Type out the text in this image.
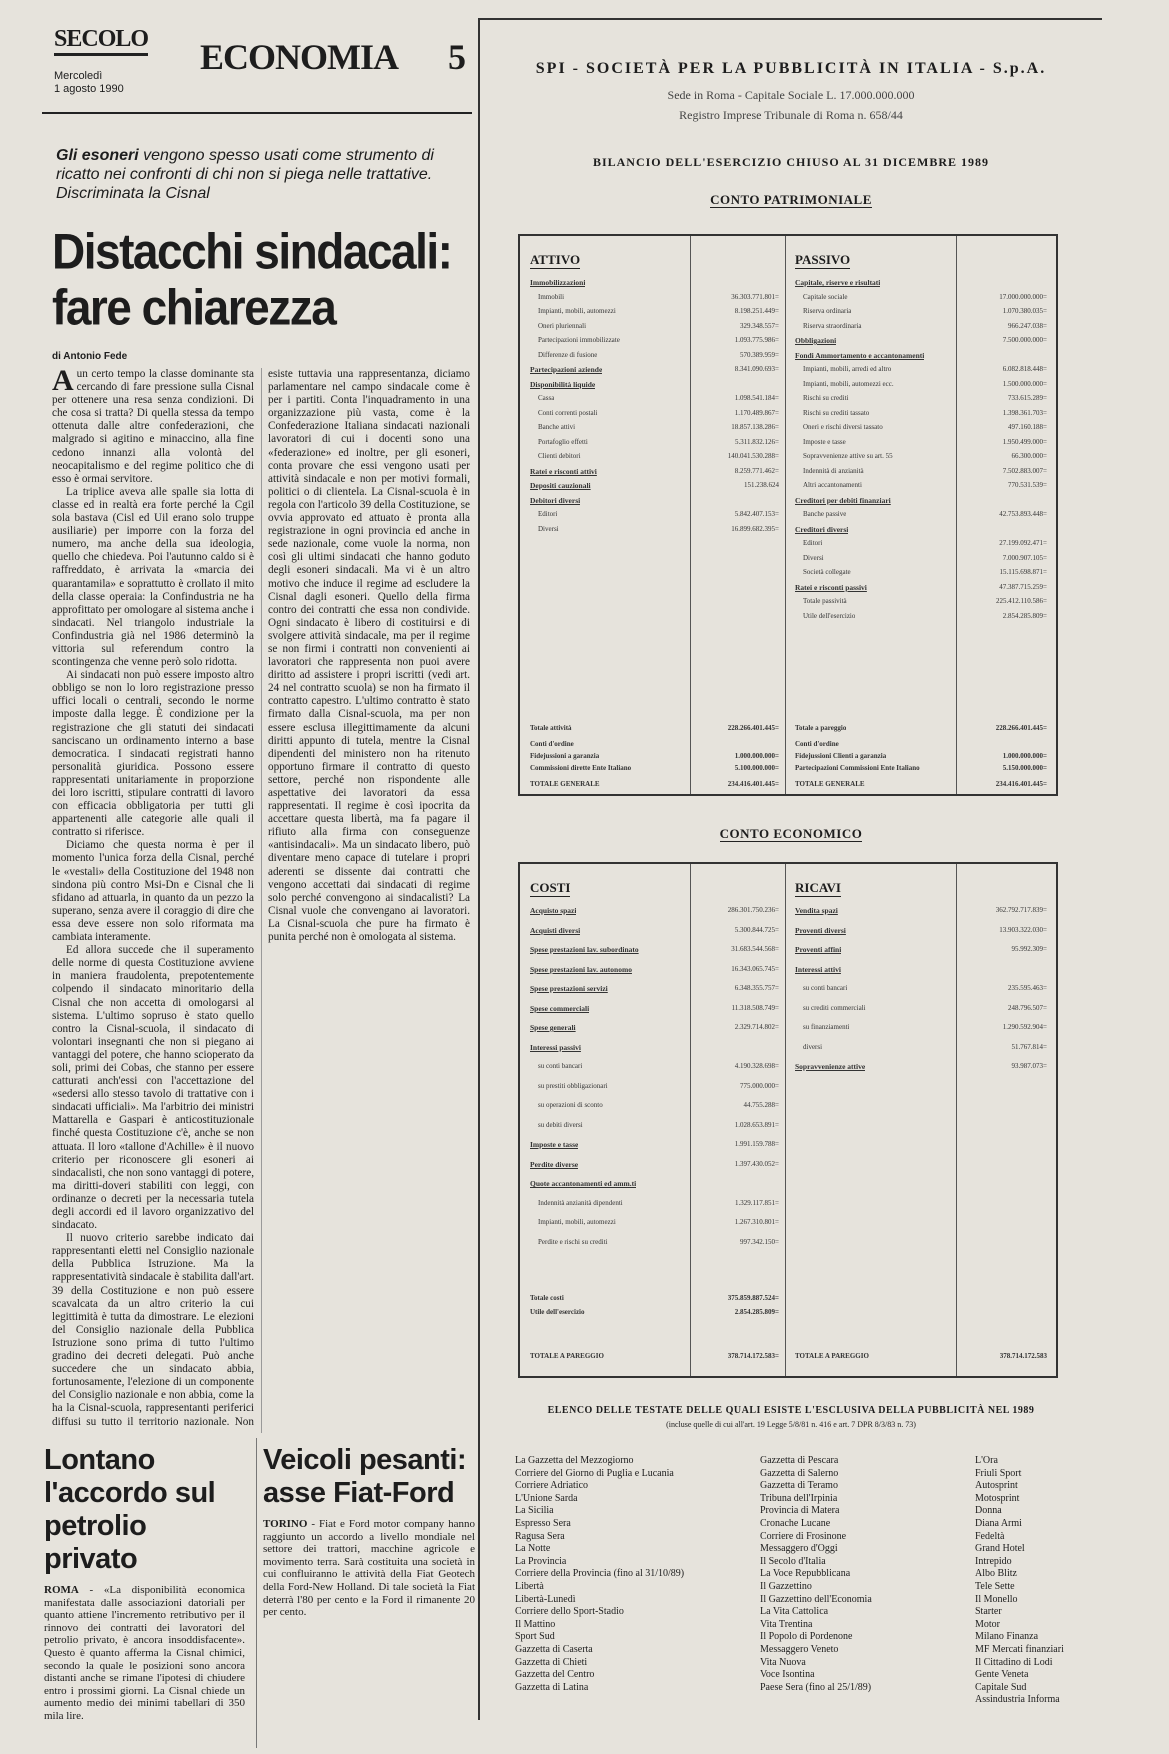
SECOLO
Mercoledì
1 agosto 1990
ECONOMIA 5
Gli esoneri vengono spesso usati come strumento di ricatto nei confronti di chi non si piega nelle trattative. Discriminata la Cisnal
Distacchi sindacali: fare chiarezza
di Antonio Fede

A un certo tempo la classe dominante sta cercando di fare pressione sulla Cisnal per ottenere una resa senza condizioni. Di che cosa si tratta? Di quella stessa da tempo ottenuta dalle altre confederazioni, che malgrado si agitino e minaccino, alla fine cedono innanzi alla volontà del neocapitalismo e del regime politico che di esso è ormai servitore.

La triplice aveva alle spalle sia lotta di classe ed in realtà era forte perché la Cgil sola bastava (Cisl ed Uil erano solo truppe ausiliarie) per imporre con la forza del numero, ma anche della sua ideologia, quello che chiedeva. Poi l'autunno caldo si è raffreddato, è arrivata la «marcia dei quarantamila» e soprattutto è crollato il mito della classe operaia: la Confindustria ne ha approfittato per omologare al sistema anche i sindacati. Nel triangolo industriale la Confindustria già nel 1986 determinò la vittoria sul referendum contro la scontingenza che venne però solo ridotta.

Ai sindacati non può essere imposto altro obbligo se non lo loro registrazione presso uffici locali o centrali, secondo le norme imposte dalla legge. È condizione per la registrazione che gli statuti dei sindacati sanciscano un ordinamento interno a base democratica. I sindacati registrati hanno personalità giuridica. Possono essere rappresentati unitariamente in proporzione dei loro iscritti, stipulare contratti di lavoro con efficacia obbligatoria per tutti gli appartenenti alle categorie alle quali il contratto si riferisce.

Diciamo che questa norma è per il momento l'unica forza della Cisnal, perché le «vestali» della Costituzione del 1948 non sindona più contro Msi-Dn e Cisnal che li sfidano ad attuarla, in quanto da un pezzo la superano, senza avere il coraggio di dire che essa deve essere non solo riformata ma cambiata interamente.

Ed allora succede che il superamento delle norme di questa Costituzione avviene in maniera fraudolenta, prepotentemente colpendo il sindacato minoritario della Cisnal che non accetta di omologarsi al sistema. L'ultimo sopruso è stato quello contro la Cisnal-scuola, il sindacato di volontari insegnanti che non si piegano ai vantaggi del potere, che hanno scioperato da soli, primi dei Cobas, che stanno per essere catturati anch'essi con l'accettazione del «sedersi allo stesso tavolo di trattative con i sindacati ufficiali». Ma l'arbitrio dei ministri Mattarella e Gaspari è anticostituzionale finché questa Costituzione c'è, anche se non attuata. Il loro «tallone d'Achille» è il nuovo criterio per riconoscere gli esoneri ai sindacalisti, che non sono vantaggi di potere, ma diritti-doveri stabiliti con leggi, con ordinanze o decreti per la necessaria tutela degli accordi ed il lavoro organizzativo del sindacato.

Il nuovo criterio sarebbe indicato dai rappresentanti eletti nel Consiglio nazionale della Pubblica Istruzione. Ma la rappresentatività sindacale è stabilita dall'art. 39 della Costituzione e non può essere scavalcata da un altro criterio la cui legittimità è tutta da dimostrare. Le elezioni del Consiglio nazionale della Pubblica Istruzione sono prima di tutto l'ultimo gradino dei decreti delegati. Può anche succedere che un sindacato abbia, fortunosamente, l'elezione di un componente del Consiglio nazionale e non abbia, come la ha la Cisnal-scuola, rappresentanti periferici diffusi su tutto il territorio nazionale. Non esiste tuttavia una rappresentanza, diciamo parlamentare nel campo sindacale come è per i partiti. Conta l'inquadramento in una organizzazione più vasta, come è la Confederazione Italiana sindacati nazionali lavoratori di cui i docenti sono una «federazione» ed inoltre, per gli esoneri, conta provare che essi vengono usati per attività sindacale e non per motivi formali, politici o di clientela. La Cisnal-scuola è in regola con l'articolo 39 della Costituzione, se ovvia approvato ed attuato è pronta alla registrazione in ogni provincia ed anche in sede nazionale, come vuole la norma, non così gli ultimi sindacati che hanno goduto degli esoneri sindacali. Ma vi è un altro motivo che induce il regime ad escludere la Cisnal dagli esoneri. Quello della firma contro dei contratti che essa non condivide. Ogni sindacato è libero di costituirsi e di svolgere attività sindacale, ma per il regime se non firmi i contratti non convenienti ai lavoratori che rappresenta non puoi avere diritto ad assistere i propri iscritti (vedi art. 24 nel contratto scuola) se non ha firmato il contratto capestro. L'ultimo contratto è stato firmato dalla Cisnal-scuola, ma per non essere esclusa illegittimamente da alcuni diritti appunto di tutela, mentre la Cisnal dipendenti del ministero non ha ritenuto opportuno firmare il contratto di questo settore, perché non rispondente alle aspettative dei lavoratori da essa rappresentati. Il regime è così ipocrita da accettare questa libertà, ma fa pagare il rifiuto alla firma con conseguenze «antisindacali». Ma un sindacato libero, può diventare meno capace di tutelare i propri aderenti se dissente dai contratti che vengono accettati dai sindacati di regime solo perché convengono ai sindacalisti? La Cisnal vuole che convengano ai lavoratori. La Cisnal-scuola che pure ha firmato è punita perché non è omologata al sistema.

Lontano l'accordo sul petrolio privato
ROMA - «La disponibilità economica manifestata dalle associazioni datoriali per quanto attiene l'incremento retributivo per il rinnovo dei contratti dei lavoratori del petrolio privato, è ancora insoddisfacente». Questo è quanto afferma la Cisnal chimici, secondo la quale le posizioni sono ancora distanti anche se rimane l'ipotesi di chiudere entro i prossimi giorni. La Cisnal chiede un aumento medio dei minimi tabellari di 350 mila lire.
Veicoli pesanti: asse Fiat-Ford
TORINO - Fiat e Ford motor company hanno raggiunto un accordo a livello mondiale nel settore dei trattori, macchine agricole e movimento terra. Sarà costituita una società in cui confluiranno le attività della Fiat Geotech della Ford-New Holland. Di tale società la Fiat deterrà l'80 per cento e la Ford il rimanente 20 per cento.
SPI - SOCIETÀ PER LA PUBBLICITÀ IN ITALIA - S.p.A.
Sede in Roma - Capitale Sociale L. 17.000.000.000
Registro Imprese Tribunale di Roma n. 658/44
BILANCIO DELL'ESERCIZIO CHIUSO AL 31 DICEMBRE 1989
CONTO PATRIMONIALE
ATTIVO
Immobilizzazioni
Immobili	36.303.771.801=
Impianti, mobili, automezzi	8.198.251.449=
Oneri pluriennali	329.348.557=
Partecipazioni immobilizzate	1.093.775.986=
Differenze di fusione	570.389.959=
Partecipazioni aziende	8.341.090.693=
Disponibilità liquide
Cassa	1.098.541.184=
Conti correnti postali	1.170.489.867=
Banche attivi	18.857.138.286=
Portafoglio effetti	5.311.832.126=
Clienti debitori	140.041.530.288=
Ratei e risconti attivi	8.259.771.462=
Depositi cauzionali	151.238.624
Debitori diversi
Editori	5.842.407.153=
Diversi	16.899.682.395=
Totale attività	228.266.401.445=
Conti d'ordine
Fidejussioni a garanzia	1.000.000.000=
Commissioni dirette Ente Italiano	5.100.000.000=
TOTALE GENERALE	234.416.401.445=
PASSIVO
Capitale, riserve e risultati
Capitale sociale	17.000.000.000=
Riserva ordinaria	1.070.380.035=
Riserva straordinaria	966.247.038=
Obbligazioni	7.500.000.000=
Fondi Ammortamento e accantonamenti
Impianti, mobili, arredi ed altro	6.082.818.448=
Impianti, mobili, automezzi ecc.	1.500.000.000=
Rischi su crediti	733.615.289=
Rischi su crediti tassato	1.398.361.703=
Oneri e rischi diversi tassato	497.160.188=
Imposte e tasse	1.950.499.000=
Sopravvenienze attive su art. 55	66.300.000=
Indennità di anzianità	7.502.883.007=
Altri accantonamenti	770.531.539=
Creditori per debiti finanziari
Banche passive	42.753.893.448=
Creditori diversi
Editori	27.199.092.471=
Diversi	7.000.907.105=
Società collegate	15.115.698.871=
Ratei e risconti passivi	47.387.715.259=
Totale passività	225.412.110.586=
Utile dell'esercizio	2.854.285.809=
Totale a pareggio	228.266.401.445=
Conti d'ordine
Fidejussioni Clienti a garanzia	1.000.000.000=
Partecipazioni Commissioni Ente Italiano	5.150.000.000=
TOTALE GENERALE	234.416.401.445=
CONTO ECONOMICO
COSTI
Acquisto spazi	286.301.750.236=
Acquisti diversi	5.300.844.725=
Spese prestazioni lav. subordinato	31.683.544.568=
Spese prestazioni lav. autonomo	16.343.065.745=
Spese prestazioni servizi	6.348.355.757=
Spese commerciali	11.318.508.749=
Spese generali	2.329.714.802=
Interessi passivi
su conti bancari	4.190.328.698=
su prestiti obbligazionari	775.000.000=
su operazioni di sconto	44.755.288=
su debiti diversi	1.028.653.891=
Imposte e tasse	1.991.159.788=
Perdite diverse	1.397.430.052=
Quote accantonamenti ed amm.ti
Indennità anzianità dipendenti	1.329.117.851=
Impianti, mobili, automezzi	1.267.310.801=
Perdite e rischi su crediti	997.342.150=
Totale costi	375.859.887.524=
Utile dell'esercizio	2.854.285.809=
TOTALE A PAREGGIO	378.714.172.583=
RICAVI
Vendita spazi	362.792.717.839=
Proventi diversi	13.903.322.030=
Proventi affini	95.992.309=
Interessi attivi
su conti bancari	235.595.463=
su crediti commerciali	248.796.507=
su finanziamenti	1.290.592.904=
diversi	51.767.814=
Sopravvenienze attive	93.987.073=
TOTALE A PAREGGIO	378.714.172.583
ELENCO DELLE TESTATE DELLE QUALI ESISTE L'ESCLUSIVA DELLA PUBBLICITÀ NEL 1989
(incluse quelle di cui all'art. 19 Legge 5/8/81 n. 416 e art. 7 DPR 8/3/83 n. 73)
La Gazzetta del Mezzogiorno
Corriere del Giorno di Puglia e Lucania
Corriere Adriatico
L'Unione Sarda
La Sicilia
Espresso Sera
Ragusa Sera
La Notte
La Provincia
Corriere della Provincia (fino al 31/10/89)
Libertà
Libertà-Lunedì
Corriere dello Sport-Stadio
Il Mattino
Sport Sud
Gazzetta di Caserta
Gazzetta di Chieti
Gazzetta del Centro
Gazzetta di Latina
Gazzetta di Pescara
Gazzetta di Salerno
Gazzetta di Teramo
Tribuna dell'Irpinia
Provincia di Matera
Cronache Lucane
Corriere di Frosinone
Messaggero d'Oggi
Il Secolo d'Italia
La Voce Repubblicana
Il Gazzettino
Il Gazzettino dell'Economia
La Vita Cattolica
Vita Trentina
Il Popolo di Pordenone
Messaggero Veneto
Vita Nuova
Voce Isontina
Paese Sera (fino al 25/1/89)
L'Ora
Friuli Sport
Autosprint
Motosprint
Donna
Diana Armi
Fedeltà
Grand Hotel
Intrepido
Albo Blitz
Tele Sette
Il Monello
Starter
Motor
Milano Finanza
MF Mercati finanziari
Il Cittadino di Lodi
Gente Veneta
Capitale Sud
Assindustria Informa
